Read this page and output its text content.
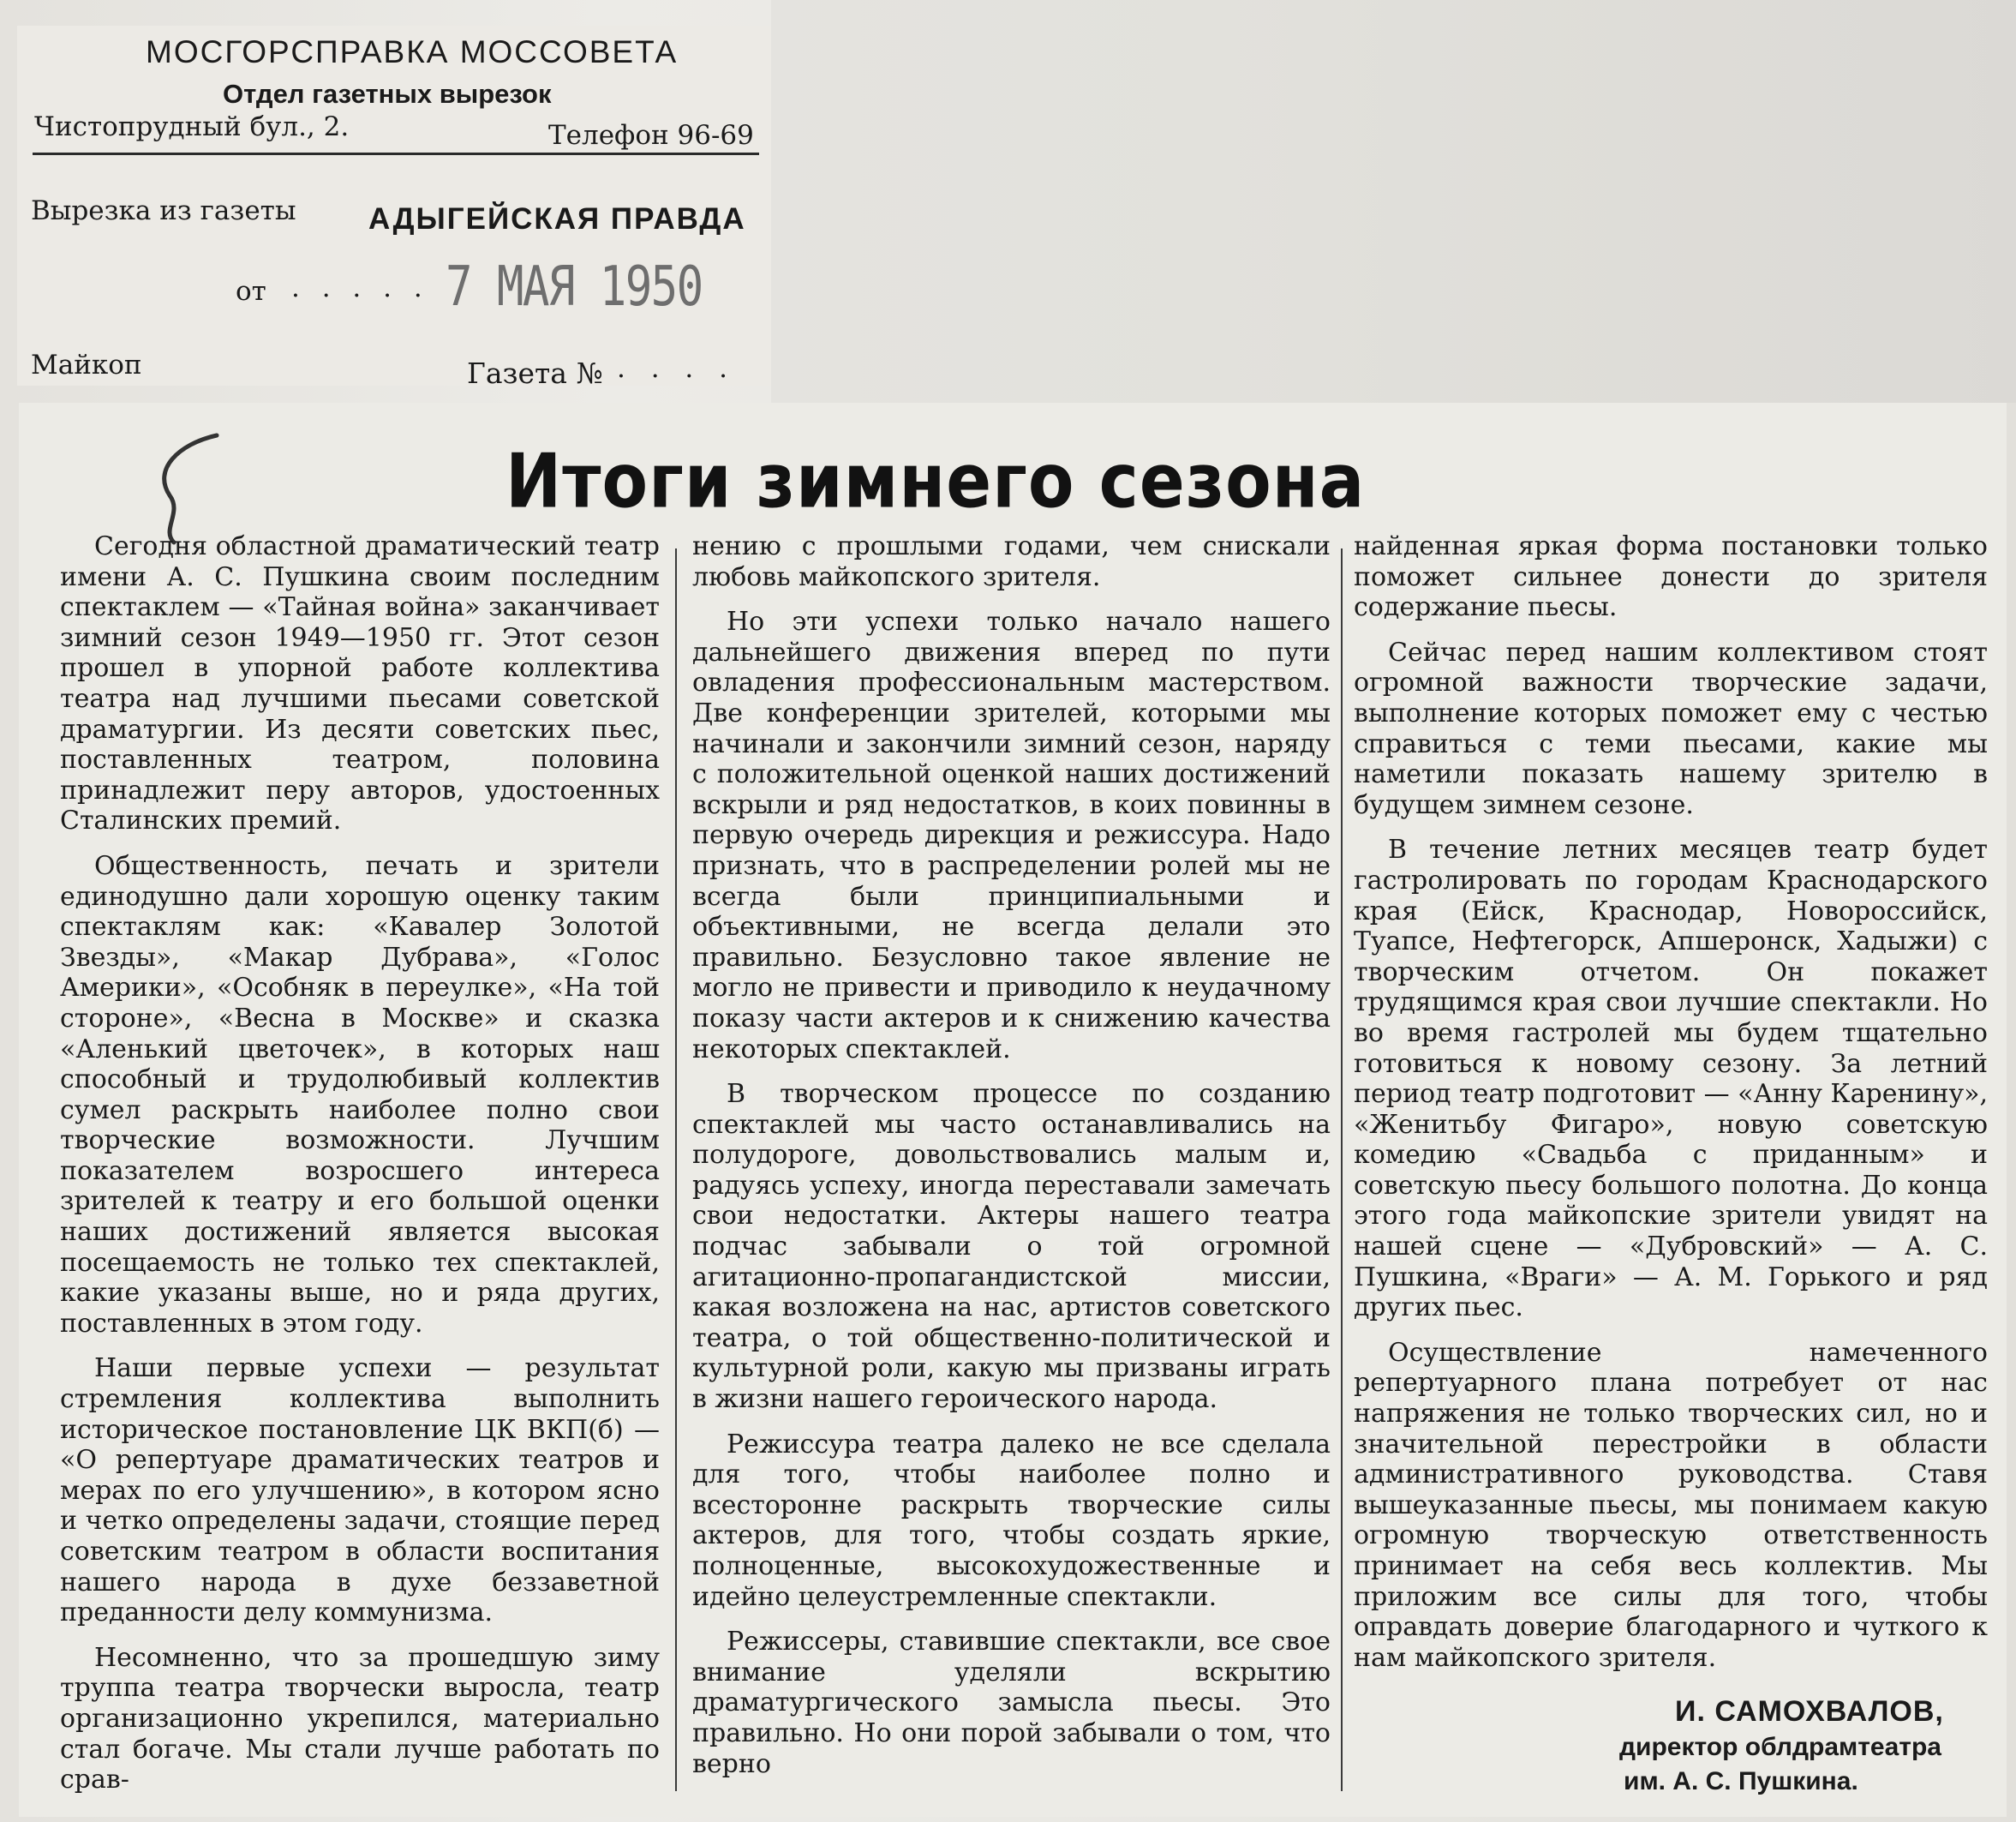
МОСГОРСПРАВКА МОССОВЕТА
Отдел газетных вырезок
Чистопрудный бул., 2.	Телефон 96-69
Вырезка из газеты АДЫГЕЙСКАЯ ПРАВДА
от . . . . . 7 МАЯ 1950
Майкоп	Газета № . . . .
Итоги зимнего сезона

Сегодня областной драматический театр имени А. С. Пушкина своим последним спектаклем — «Тайная война» заканчивает зимний сезон 1949—1950 гг. Этот сезон прошел в упорной работе коллектива театра над лучшими пьесами советской драматургии. Из десяти советских пьес, поставленных театром, половина принадлежит перу авторов, удостоенных Сталинских премий.

Общественность, печать и зрители единодушно дали хорошую оценку таким спектаклям как: «Кавалер Золотой Звезды», «Макар Дубрава», «Голос Америки», «Особняк в переулке», «На той стороне», «Весна в Москве» и сказка «Аленький цветочек», в которых наш способный и трудолюбивый коллектив сумел раскрыть наиболее полно свои творческие возможности. Лучшим показателем возросшего интереса зрителей к театру и его большой оценки наших достижений является высокая посещаемость не только тех спектаклей, какие указаны выше, но и ряда других, поставленных в этом году.

Наши первые успехи — результат стремления коллектива выполнить историческое постановление ЦК ВКП(б) — «О репертуаре драматических театров и мерах по его улучшению», в котором ясно и четко определены задачи, стоящие перед советским театром в области воспитания нашего народа в духе беззаветной преданности делу коммунизма.

Несомненно, что за прошедшую зиму труппа театра творчески выросла, театр организационно укрепился, материально стал богаче. Мы стали лучше работать по срав-

нению с прошлыми годами, чем снискали любовь майкопского зрителя.

Но эти успехи только начало нашего дальнейшего движения вперед по пути овладения профессиональным мастерством. Две конференции зрителей, которыми мы начинали и закончили зимний сезон, наряду с положительной оценкой наших достижений вскрыли и ряд недостатков, в коих повинны в первую очередь дирекция и режиссура. Надо признать, что в распределении ролей мы не всегда были принципиальными и объективными, не всегда делали это правильно. Безусловно такое явление не могло не привести и приводило к неудачному показу части актеров и к снижению качества некоторых спектаклей.

В творческом процессе по созданию спектаклей мы часто останавливались на полудороге, довольствовались малым и, радуясь успеху, иногда переставали замечать свои недостатки. Актеры нашего театра подчас забывали о той огромной агитационно-пропагандистской миссии, какая возложена на нас, артистов советского театра, о той общественно-политической и культурной роли, какую мы призваны играть в жизни нашего героического народа.

Режиссура театра далеко не все сделала для того, чтобы наиболее полно и всесторонне раскрыть творческие силы актеров, для того, чтобы создать яркие, полноценные, высокохудожественные и идейно целеустремленные спектакли.

Режиссеры, ставившие спектакли, все свое внимание уделяли вскрытию драматургического замысла пьесы. Это правильно. Но они порой забывали о том, что верно

найденная яркая форма постановки только поможет сильнее донести до зрителя содержание пьесы.

Сейчас перед нашим коллективом стоят огромной важности творческие задачи, выполнение которых поможет ему с честью справиться с теми пьесами, какие мы наметили показать нашему зрителю в будущем зимнем сезоне.

В течение летних месяцев театр будет гастролировать по городам Краснодарского края (Ейск, Краснодар, Новороссийск, Туапсе, Нефтегорск, Апшеронск, Хадыжи) с творческим отчетом. Он покажет трудящимся края свои лучшие спектакли. Но во время гастролей мы будем тщательно готовиться к новому сезону. За летний период театр подготовит — «Анну Каренину», «Женитьбу Фигаро», новую советскую комедию «Свадьба с приданным» и советскую пьесу большого полотна. До конца этого года майкопские зрители увидят на нашей сцене — «Дубровский» — А. С. Пушкина, «Враги» — А. М. Горького и ряд других пьес.

Осуществление намеченного репертуарного плана потребует от нас напряжения не только творческих сил, но и значительной перестройки в области административного руководства. Ставя вышеуказанные пьесы, мы понимаем какую огромную творческую ответственность принимает на себя весь коллектив. Мы приложим все силы для того, чтобы оправдать доверие благодарного и чуткого к нам майкопского зрителя.

И. САМОХВАЛОВ,
директор облдрамтеатра
им. А. С. Пушкина.
